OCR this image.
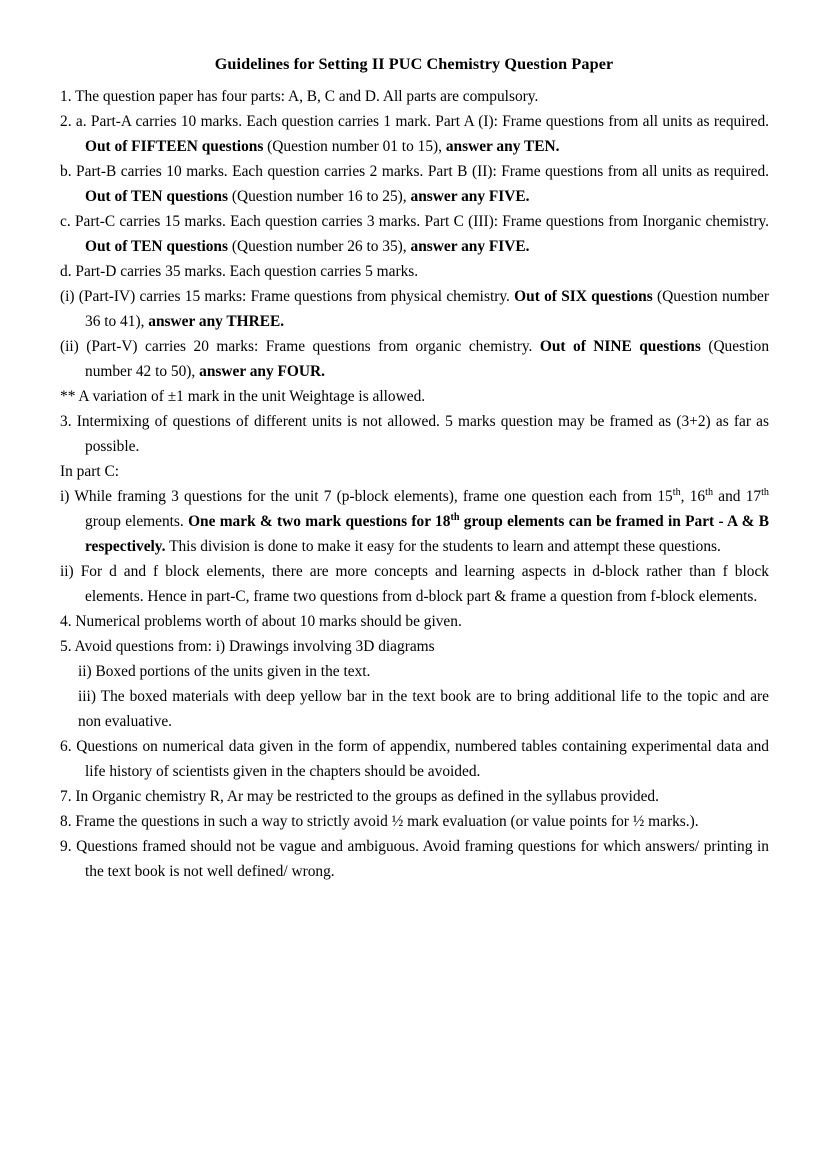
Guidelines for Setting II PUC Chemistry Question Paper

1. The question paper has four parts: A, B, C and D. All parts are compulsory.

2. a. Part-A carries 10 marks. Each question carries 1 mark. Part A (I): Frame questions from all units as required. Out of FIFTEEN questions (Question number 01 to 15), answer any TEN.

b. Part-B carries 10 marks. Each question carries 2 marks. Part B (II): Frame questions from all units as required. Out of TEN questions (Question number 16 to 25), answer any FIVE.

c. Part-C carries 15 marks. Each question carries 3 marks. Part C (III): Frame questions from Inorganic chemistry. Out of TEN questions (Question number 26 to 35), answer any FIVE.

d. Part-D carries 35 marks. Each question carries 5 marks.

(i) (Part-IV) carries 15 marks: Frame questions from physical chemistry. Out of SIX questions (Question number 36 to 41), answer any THREE.

(ii) (Part-V) carries 20 marks: Frame questions from organic chemistry. Out of NINE questions (Question number 42 to 50), answer any FOUR.

** A variation of ±1 mark in the unit Weightage is allowed.

3. Intermixing of questions of different units is not allowed. 5 marks question may be framed as (3+2) as far as possible.

In part C:

i) While framing 3 questions for the unit 7 (p-block elements), frame one question each from 15th, 16th and 17th group elements. One mark & two mark questions for 18th group elements can be framed in Part - A & B respectively. This division is done to make it easy for the students to learn and attempt these questions.

ii) For d and f block elements, there are more concepts and learning aspects in d-block rather than f block elements. Hence in part-C, frame two questions from d-block part & frame a question from f-block elements.

4. Numerical problems worth of about 10 marks should be given.

5. Avoid questions from: i) Drawings involving 3D diagrams

ii) Boxed portions of the units given in the text.

iii) The boxed materials with deep yellow bar in the text book are to bring additional life to the topic and are non evaluative.

6. Questions on numerical data given in the form of appendix, numbered tables containing experimental data and life history of scientists given in the chapters should be avoided.

7. In Organic chemistry R, Ar may be restricted to the groups as defined in the syllabus provided.

8. Frame the questions in such a way to strictly avoid ½ mark evaluation (or value points for ½ marks.).

9. Questions framed should not be vague and ambiguous. Avoid framing questions for which answers/ printing in the text book is not well defined/ wrong.
